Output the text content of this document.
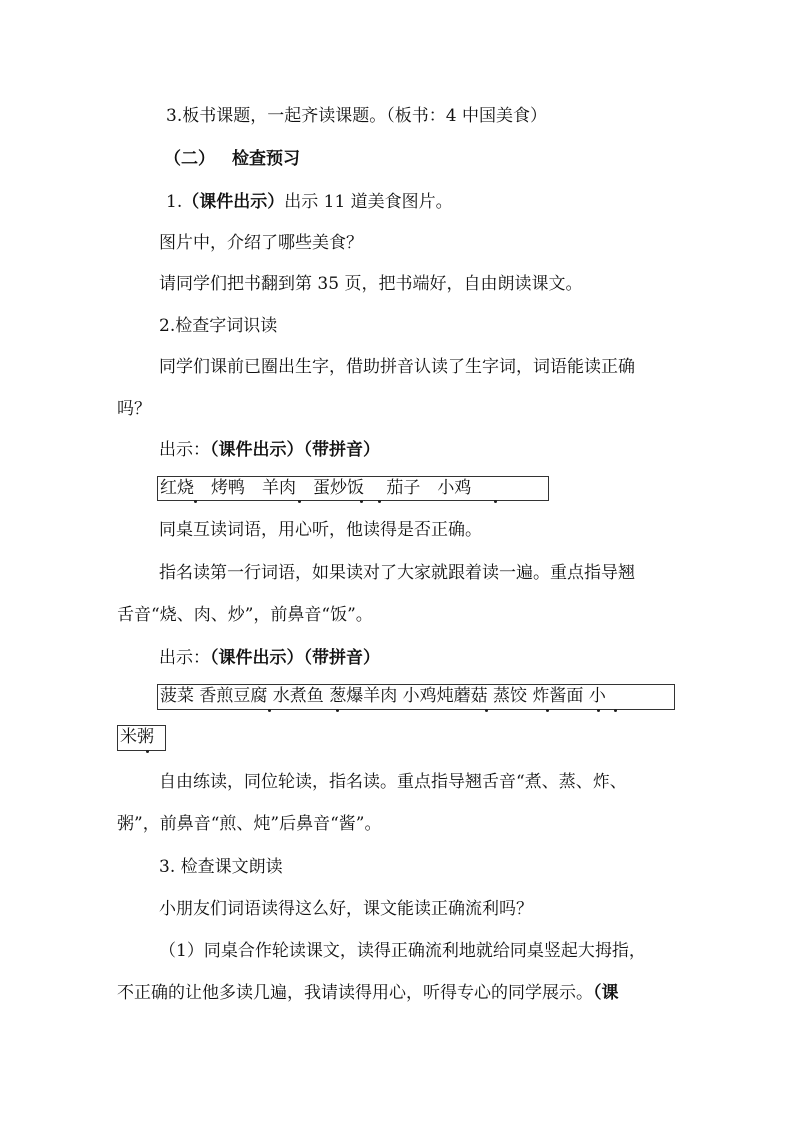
3.板书课题，一起齐读课题。（板书：4 中国美食）
（二） 检查预习
1.（课件出示）出示 11 道美食图片。
图片中，介绍了哪些美食？
请同学们把书翻到第 35 页，把书端好，自由朗读课文。
2.检查字词识读
同学们课前已圈出生字，借助拼音认读了生字词，词语能读正确
吗？
出示：（课件出示）（带拼音）
红烧　烤鸭　羊肉　蛋炒饭　 茄子　小鸡
同桌互读词语，用心听，他读得是否正确。
指名读第一行词语，如果读对了大家就跟着读一遍。重点指导翘
舌音“烧、肉、炒”，前鼻音“饭”。
出示：（课件出示）（带拼音）
菠菜 香煎豆腐 水煮鱼 葱爆羊肉 小鸡炖蘑菇 蒸饺 炸酱面 小
米粥
自由练读，同位轮读，指名读。重点指导翘舌音“煮、蒸、炸、
粥”，前鼻音“煎、炖”后鼻音“酱”。
3. 检查课文朗读
小朋友们词语读得这么好，课文能读正确流利吗？
（1）同桌合作轮读课文，读得正确流利地就给同桌竖起大拇指，
不正确的让他多读几遍，我请读得用心，听得专心的同学展示。（课
